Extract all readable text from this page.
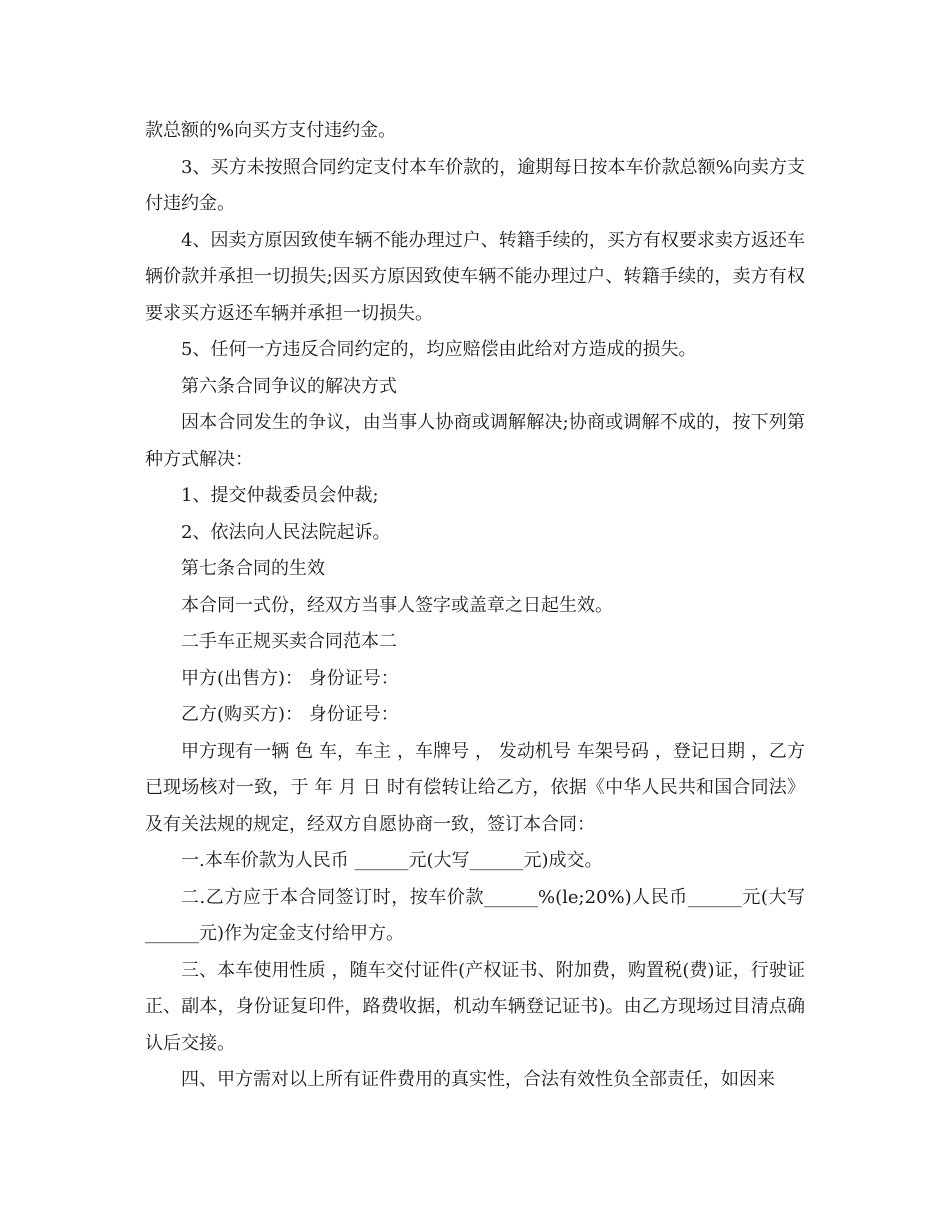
款总额的%向买方支付违约金。

3、买方未按照合同约定支付本车价款的，逾期每日按本车价款总额%向卖方支付违约金。

4、因卖方原因致使车辆不能办理过户、转籍手续的，买方有权要求卖方返还车辆价款并承担一切损失;因买方原因致使车辆不能办理过户、转籍手续的，卖方有权要求买方返还车辆并承担一切损失。

5、任何一方违反合同约定的，均应赔偿由此给对方造成的损失。

第六条合同争议的解决方式

因本合同发生的争议，由当事人协商或调解解决;协商或调解不成的，按下列第种方式解决：

1、提交仲裁委员会仲裁;

2、依法向人民法院起诉。

第七条合同的生效

本合同一式份，经双方当事人签字或盖章之日起生效。

二手车正规买卖合同范本二

甲方(出售方)： 身份证号：

乙方(购买方)： 身份证号：

甲方现有一辆 色 车，车主 ，车牌号 ， 发动机号 车架号码 ，登记日期 ，乙方已现场核对一致，于 年 月 日 时有偿转让给乙方，依据《中华人民共和国合同法》及有关法规的规定，经双方自愿协商一致，签订本合同：

一.本车价款为人民币 ______元(大写______元)成交。

二.乙方应于本合同签订时，按车价款______%(le;20%)人民币______元(大写______元)作为定金支付给甲方。

三、本车使用性质 ，随车交付证件(产权证书、附加费，购置税(费)证，行驶证正、副本，身份证复印件，路费收据，机动车辆登记证书)。由乙方现场过目清点确认后交接。

四、甲方需对以上所有证件费用的真实性，合法有效性负全部责任，如因来
